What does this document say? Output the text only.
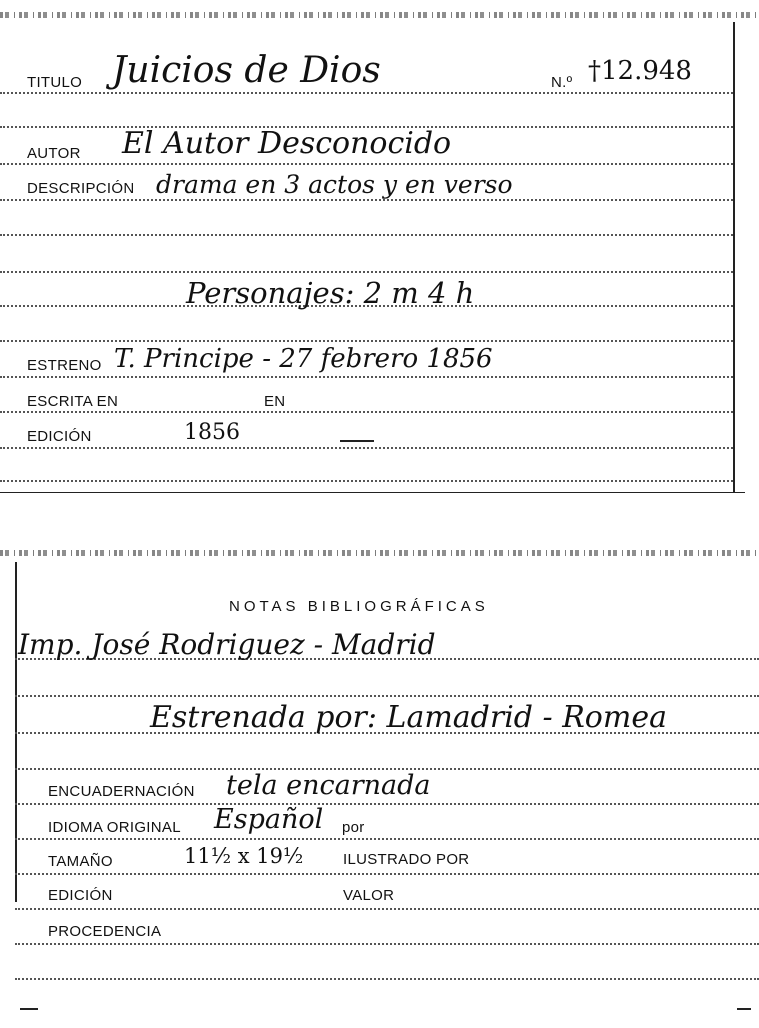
TITULO Juicios de Dios	N.º †12.948
AUTOR El Autor Desconocido
DESCRIPCIÓN drama en 3 actos y en verso
Personajes: 2 m 4 h
ESTRENO T. Principe - 27 febrero 1856
ESCRITA EN	EN
EDICIÓN	1856
NOTAS BIBLIOGRÁFICAS
Imp. José Rodriguez - Madrid
Estrenada por: Lamadrid - Romea
ENCUADERNACIÓN tela encarnada
IDIOMA ORIGINAL Español por
TAMAÑO	11½ x 19½	ILUSTRADO POR
EDICIÓN	VALOR
PROCEDENCIA
